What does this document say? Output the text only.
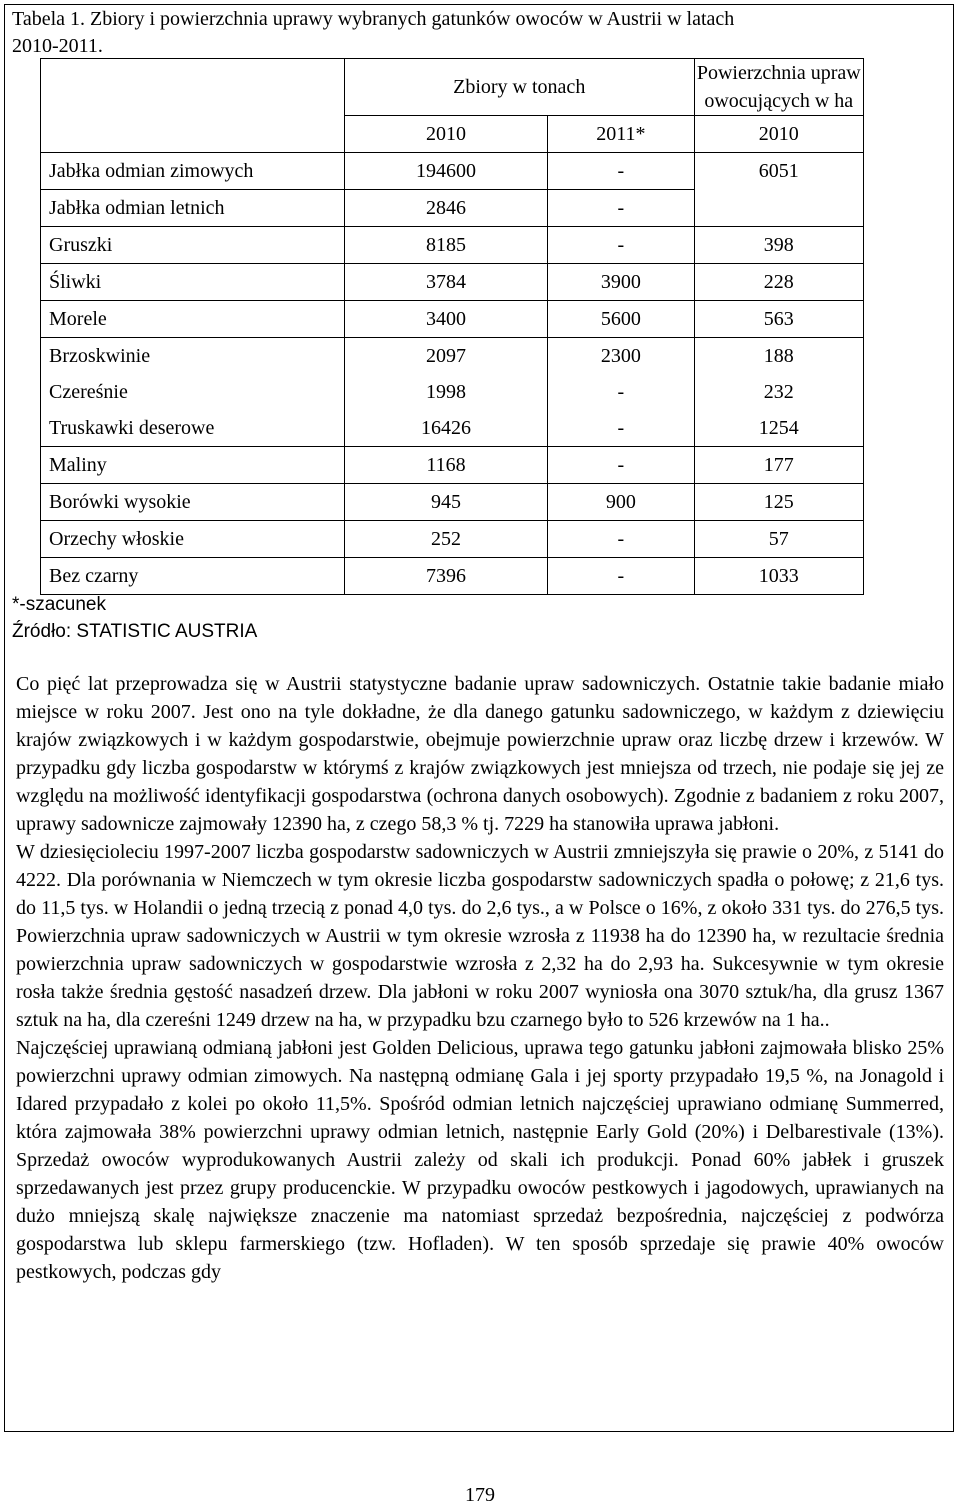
Tabela 1. Zbiory i powierzchnia uprawy wybranych gatunków owoców w Austrii w latach
2010-2011.
	Zbiory w tonach		Powierzchnia upraw owocujących w ha
	2010	2011*	2010
Jabłka odmian zimowych	194600	-	6051
Jabłka odmian letnich	2846	-	
Gruszki	8185	-	398
Śliwki	3784	3900	228
Morele	3400	5600	563
Brzoskwinie	2097	2300	188
Czereśnie	1998	-	232
Truskawki deserowe	16426	-	1254
Maliny	1168	-	177
Borówki wysokie	945	900	125
Orzechy włoskie	252	-	57
Bez czarny	7396	-	1033
*-szacunek
Źródło: STATISTIC AUSTRIA

Co pięć lat przeprowadza się w Austrii statystyczne badanie upraw sadowniczych. Ostatnie takie badanie miało miejsce w roku 2007. Jest ono na tyle dokładne, że dla danego gatunku sadowniczego, w każdym z dziewięciu krajów związkowych i w każdym gospodarstwie, obejmuje powierzchnie upraw oraz liczbę drzew i krzewów. W przypadku gdy liczba gospodarstw w którymś z krajów związkowych jest mniejsza od trzech, nie podaje się jej ze względu na możliwość identyfikacji gospodarstwa (ochrona danych osobowych). Zgodnie z badaniem z roku 2007, uprawy sadownicze zajmowały 12390 ha, z czego 58,3 % tj. 7229 ha stanowiła uprawa jabłoni.

W dziesięcioleciu 1997-2007 liczba gospodarstw sadowniczych w Austrii zmniejszyła się prawie o 20%, z 5141 do 4222. Dla porównania w Niemczech w tym okresie liczba gospodarstw sadowniczych spadła o połowę; z 21,6 tys. do 11,5 tys. w Holandii o jedną trzecią z ponad 4,0 tys. do 2,6 tys., a w Polsce o 16%, z około 331 tys. do 276,5 tys. Powierzchnia upraw sadowniczych w Austrii w tym okresie wzrosła z 11938 ha do 12390 ha, w rezultacie średnia powierzchnia upraw sadowniczych w gospodarstwie wzrosła z 2,32 ha do 2,93 ha. Sukcesywnie w tym okresie rosła także średnia gęstość nasadzeń drzew. Dla jabłoni w roku 2007 wyniosła ona 3070 sztuk/ha, dla grusz 1367 sztuk na ha, dla czereśni 1249 drzew na ha, w przypadku bzu czarnego było to 526 krzewów na 1 ha..

Najczęściej uprawianą odmianą jabłoni jest Golden Delicious, uprawa tego gatunku jabłoni zajmowała blisko 25% powierzchni uprawy odmian zimowych. Na następną odmianę Gala i jej sporty przypadało 19,5 %, na Jonagold i Idared przypadało z kolei po około 11,5%. Spośród odmian letnich najczęściej uprawiano odmianę Summerred, która zajmowała 38% powierzchni uprawy odmian letnich, następnie Early Gold (20%) i Delbarestivale (13%). Sprzedaż owoców wyprodukowanych Austrii zależy od skali ich produkcji. Ponad 60% jabłek i gruszek sprzedawanych jest przez grupy producenckie. W przypadku owoców pestkowych i jagodowych, uprawianych na dużo mniejszą skalę największe znaczenie ma natomiast sprzedaż bezpośrednia, najczęściej z podwórza gospodarstwa lub sklepu farmerskiego (tzw. Hofladen). W ten sposób sprzedaje się prawie 40% owoców pestkowych, podczas gdy

179
